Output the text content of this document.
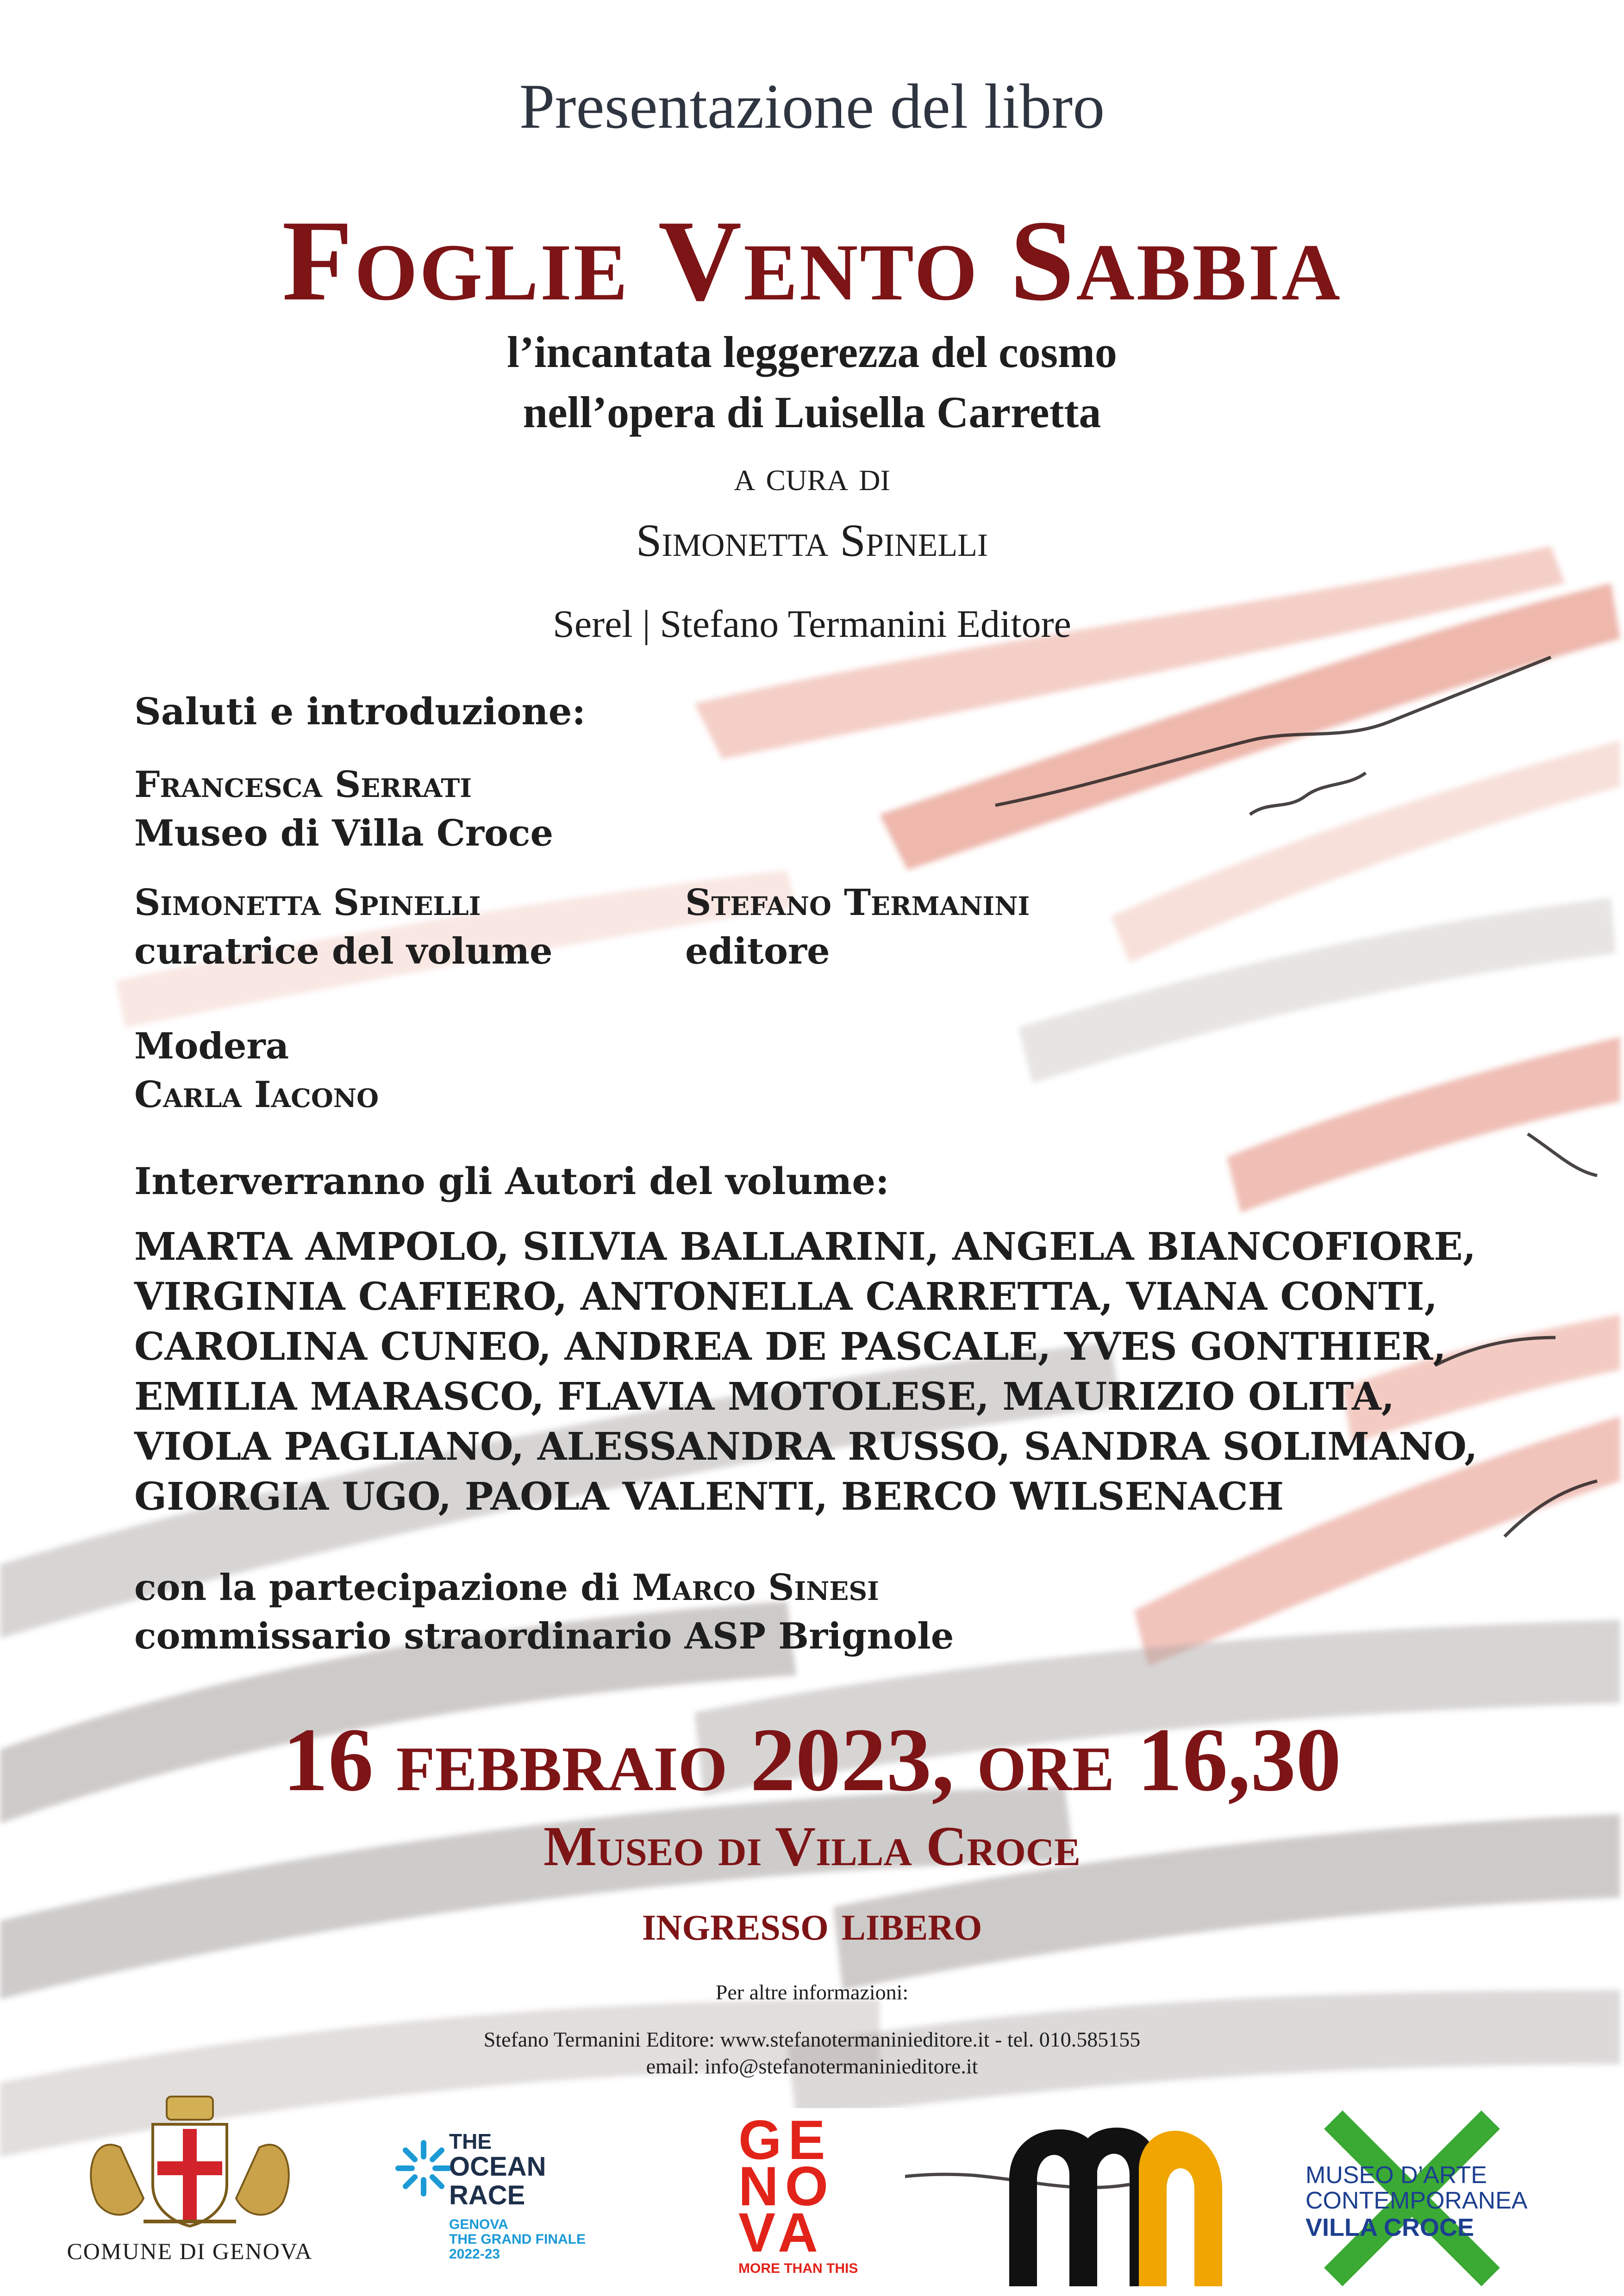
Presentazione del libro
Foglie Vento Sabbia
l’incantata leggerezza del cosmo
nell’opera di Luisella Carretta
a cura di
Simonetta Spinelli
Serel | Stefano Termanini Editore
Saluti e introduzione:
Francesca Serrati
Museo di Villa Croce
Simonetta Spinelli
curatrice del volume
Stefano Termanini
editore
Modera
Carla Iacono
Interverranno gli Autori del volume:
MARTA AMPOLO, SILVIA BALLARINI, ANGELA BIANCOFIORE,
VIRGINIA CAFIERO, ANTONELLA CARRETTA, VIANA CONTI,
CAROLINA CUNEO, ANDREA DE PASCALE, YVES GONTHIER,
EMILIA MARASCO, FLAVIA MOTOLESE, MAURIZIO OLITA,
VIOLA PAGLIANO, ALESSANDRA RUSSO, SANDRA SOLIMANO,
GIORGIA UGO, PAOLA VALENTI, BERCO WILSENACH
con la partecipazione di Marco Sinesi
commissario straordinario ASP Brignole
16 febbraio 2023, ore 16,30
Museo di Villa Croce
ingresso libero
Per altre informazioni:
Stefano Termanini Editore: www.stefanotermaninieditore.it - tel. 010.585155
email: info@stefanotermaninieditore.it
COMUNE DI GENOVA
THE
OCEAN
RACE
GENOVA
THE GRAND FINALE
2022-23
GE
NO
VA
MORE THAN THIS
MUSEO D’ARTE
CONTEMPORANEA
VILLA CROCE
